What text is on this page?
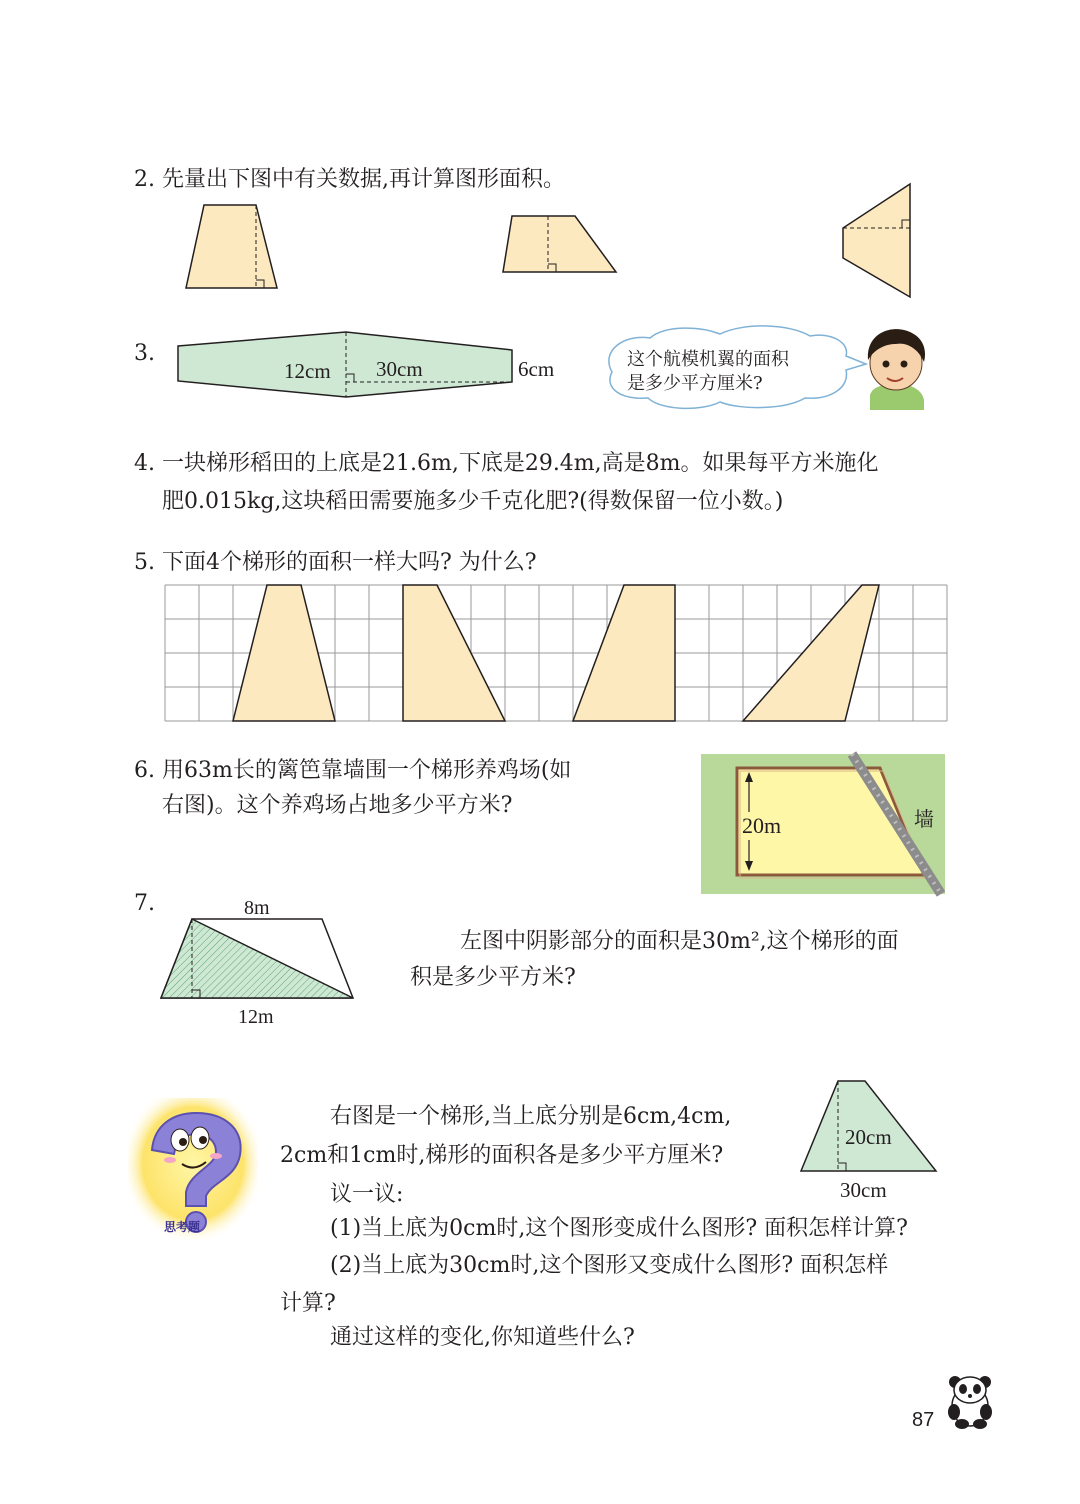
2. 先量出下图中有关数据,再计算图形面积。
3.
12cm 30cm	6cm	这个航模机翼的面积
是多少平方厘米?
4. 一块梯形稻田的上底是21.6m,下底是29.4m,高是8m。如果每平方米施化
肥0.015kg,这块稻田需要施多少千克化肥?(得数保留一位小数。)
5. 下面4个梯形的面积一样大吗? 为什么?
6. 用63m长的篱笆靠墙围一个梯形养鸡场(如
右图)。这个养鸡场占地多少平方米?
20m	墙
7.	8m
12m
左图中阴影部分的面积是30m²,这个梯形的面
积是多少平方米?
思考题
右图是一个梯形,当上底分别是6cm,4cm,
2cm和1cm时,梯形的面积各是多少平方厘米?
议一议:
(1)当上底为0cm时,这个图形变成什么图形? 面积怎样计算?
(2)当上底为30cm时,这个图形又变成什么图形? 面积怎样
计算?
通过这样的变化,你知道些什么?
20cm
30cm
87
